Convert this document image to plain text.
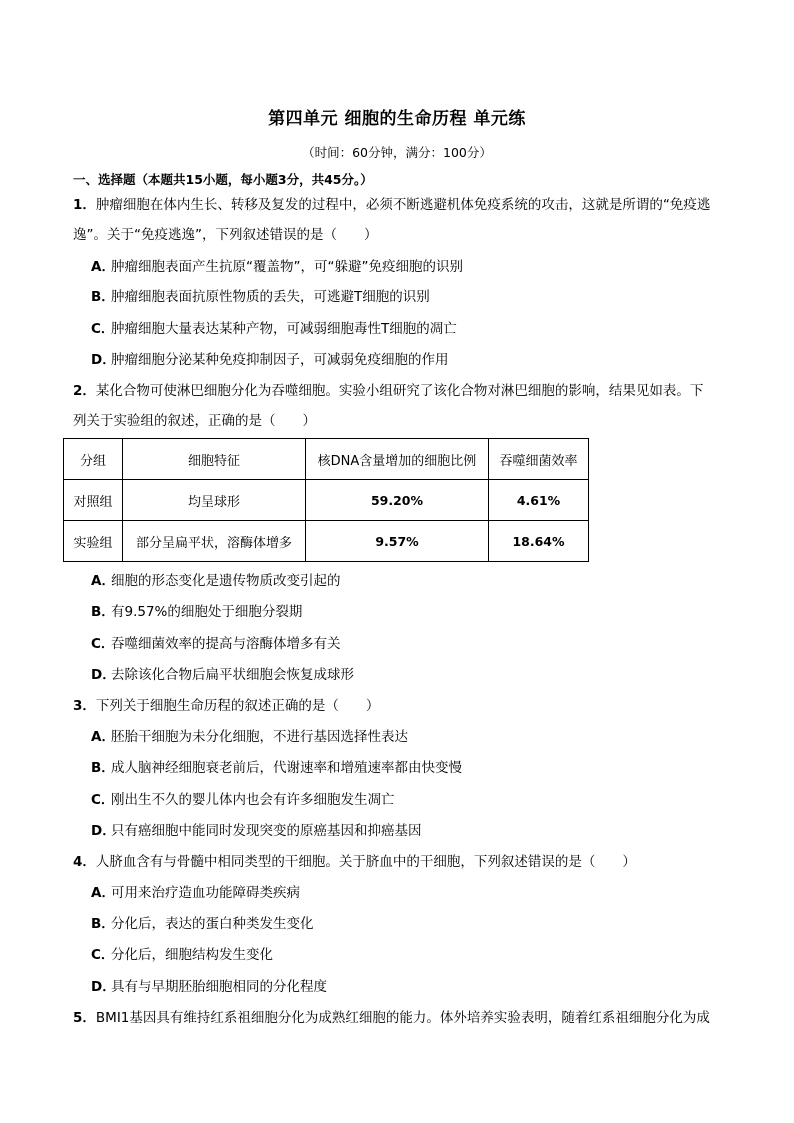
第四单元 细胞的生命历程 单元练
（时间：60分钟，满分：100分）
一、选择题（本题共15小题，每小题3分，共45分。）
1．肿瘤细胞在体内生长、转移及复发的过程中，必须不断逃避机体免疫系统的攻击，这就是所谓的“免疫逃
逸”。关于“免疫逃逸”，下列叙述错误的是（　　）
A．肿瘤细胞表面产生抗原“覆盖物”，可“躲避”免疫细胞的识别
B．肿瘤细胞表面抗原性物质的丢失，可逃避T细胞的识别
C．肿瘤细胞大量表达某种产物，可减弱细胞毒性T细胞的凋亡
D．肿瘤细胞分泌某种免疫抑制因子，可减弱免疫细胞的作用
2．某化合物可使淋巴细胞分化为吞噬细胞。实验小组研究了该化合物对淋巴细胞的影响，结果见如表。下
列关于实验组的叙述，正确的是（　　）
分组	细胞特征	核DNA含量增加的细胞比例	吞噬细菌效率
对照组	均呈球形	59.20%	4.61%
实验组	部分呈扁平状，溶酶体增多	9.57%	18.64%
A．细胞的形态变化是遗传物质改变引起的
B．有9.57%的细胞处于细胞分裂期
C．吞噬细菌效率的提高与溶酶体增多有关
D．去除该化合物后扁平状细胞会恢复成球形
3．下列关于细胞生命历程的叙述正确的是（　　）
A．胚胎干细胞为未分化细胞，不进行基因选择性表达
B．成人脑神经细胞衰老前后，代谢速率和增殖速率都由快变慢
C．刚出生不久的婴儿体内也会有许多细胞发生凋亡
D．只有癌细胞中能同时发现突变的原癌基因和抑癌基因
4．人脐血含有与骨髓中相同类型的干细胞。关于脐血中的干细胞，下列叙述错误的是（　　）
A．可用来治疗造血功能障碍类疾病
B．分化后，表达的蛋白种类发生变化
C．分化后，细胞结构发生变化
D．具有与早期胚胎细胞相同的分化程度
5．BMI1基因具有维持红系祖细胞分化为成熟红细胞的能力。体外培养实验表明，随着红系祖细胞分化为成
